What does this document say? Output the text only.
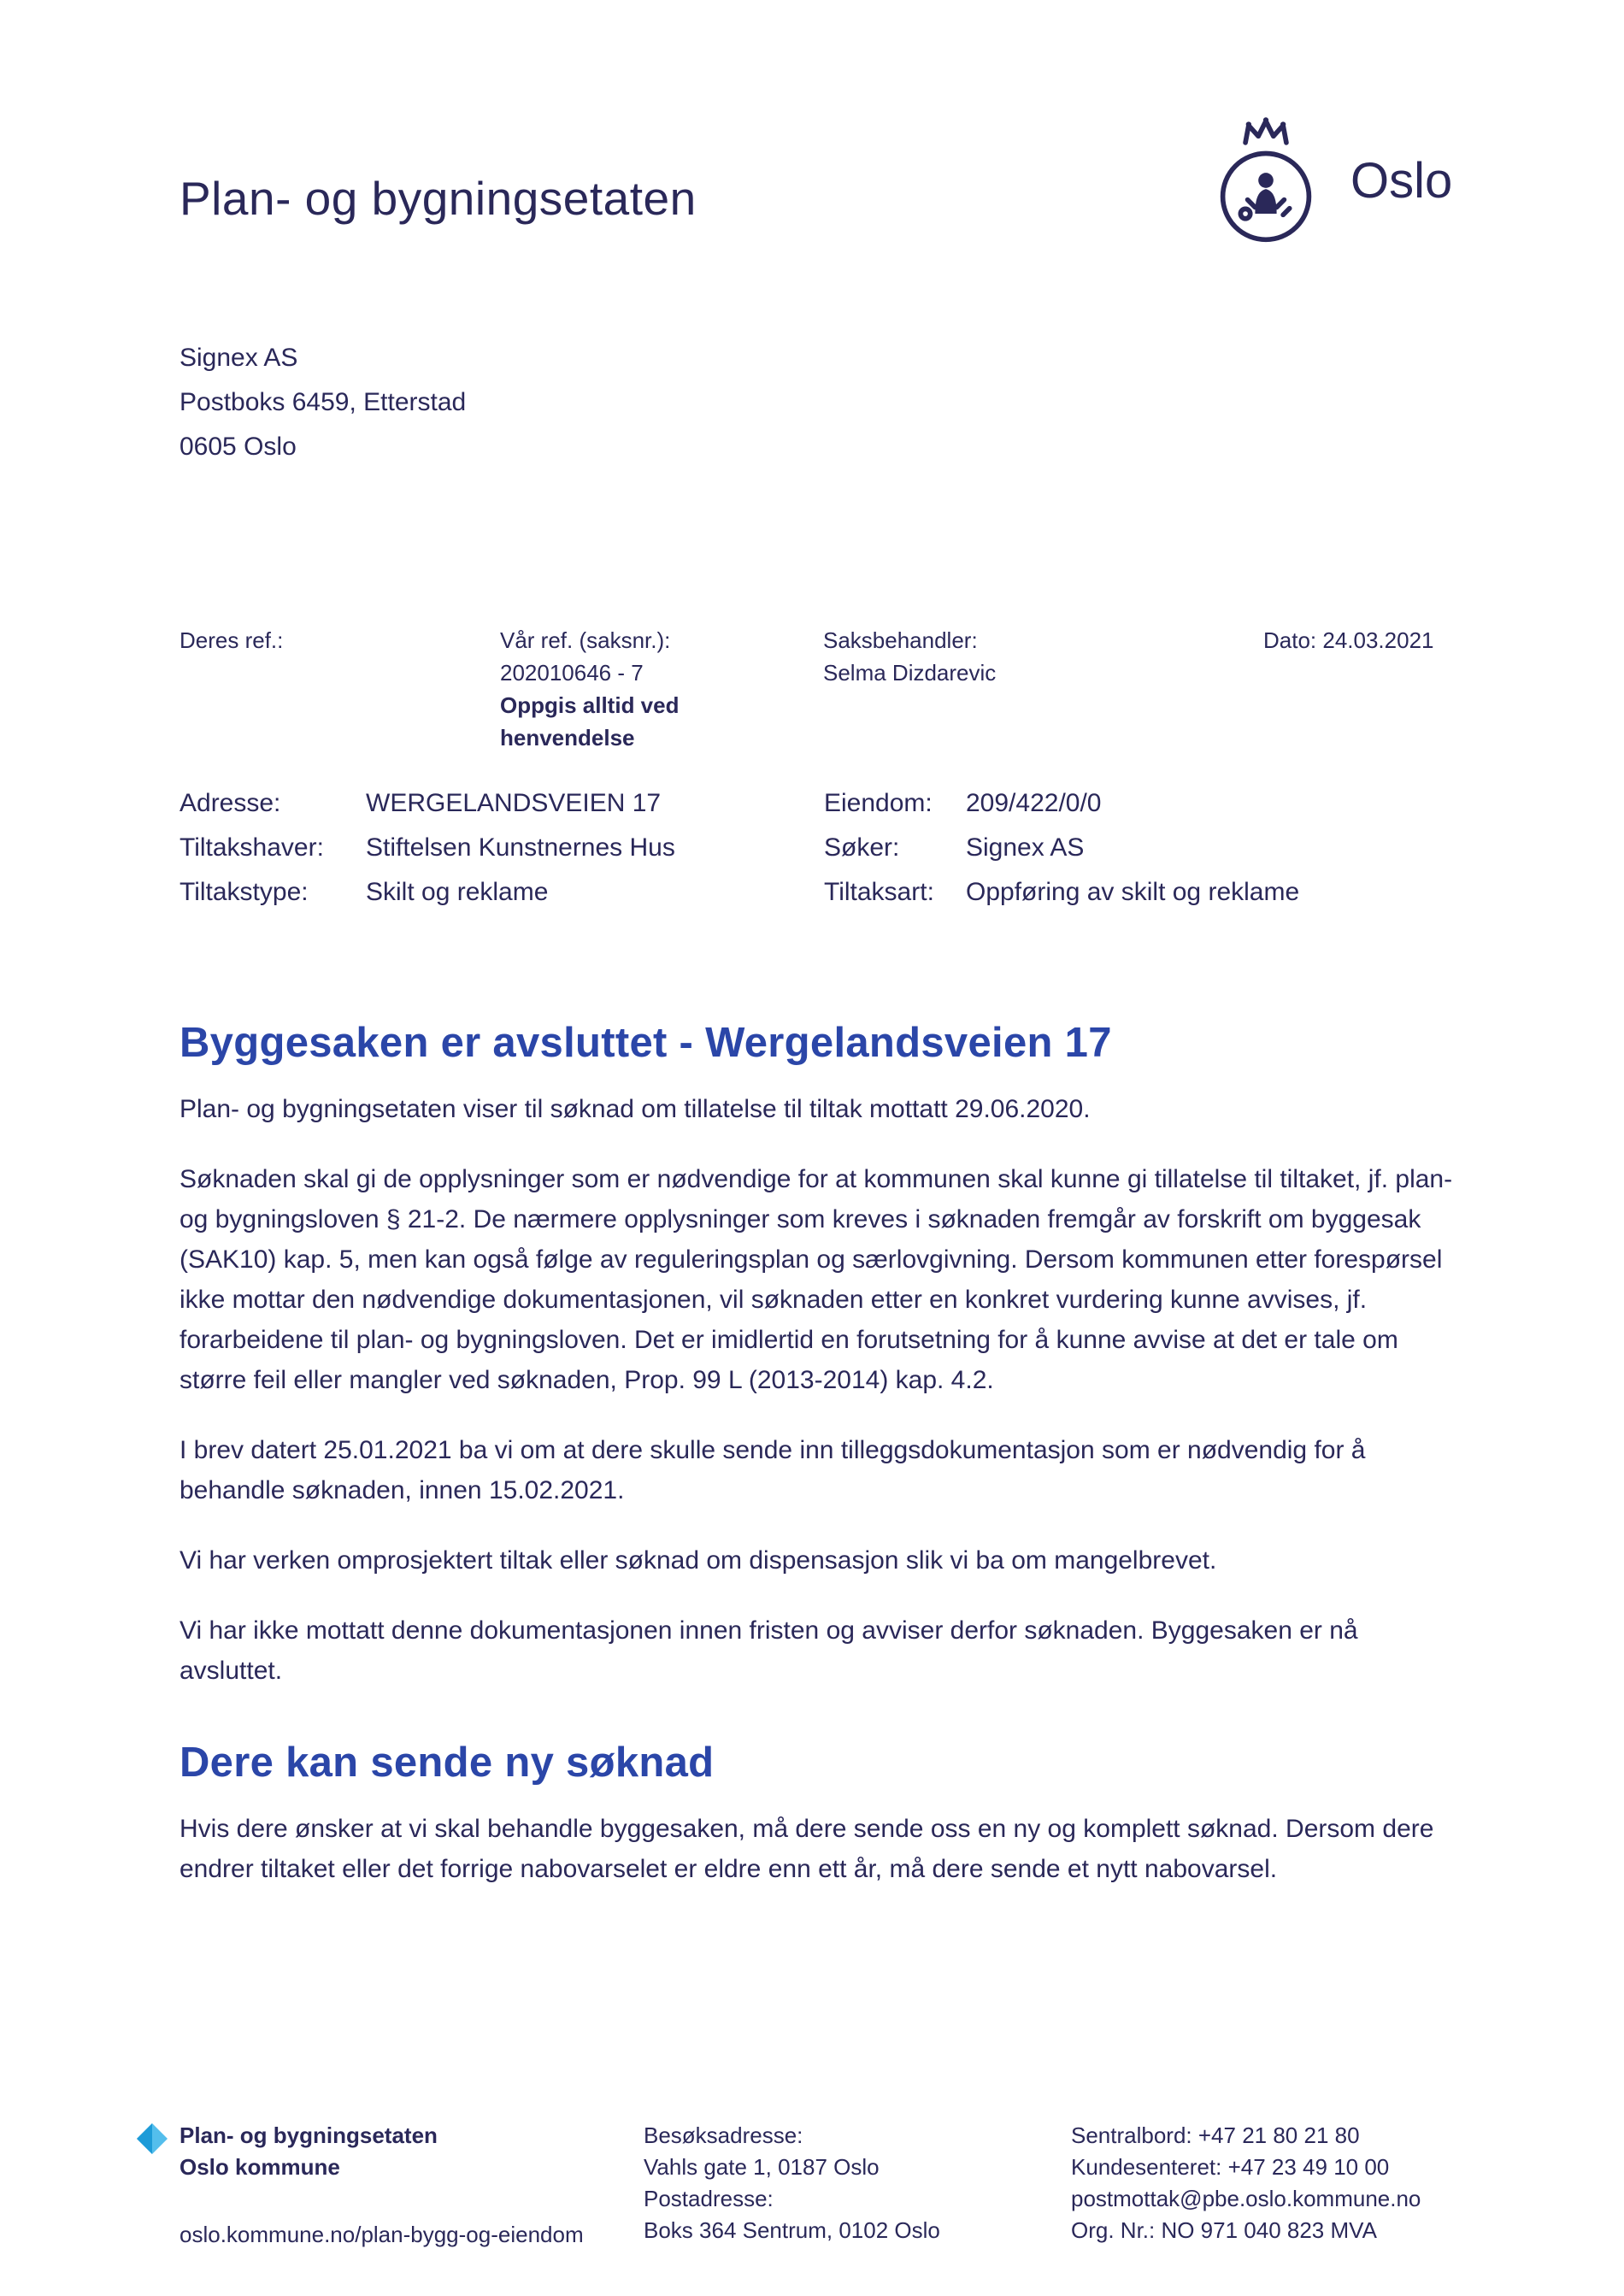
Plan- og bygningsetaten	Oslo
Signex AS
Postboks 6459, Etterstad
0605 Oslo
Deres ref.:	Vår ref. (saksnr.):
202010646 - 7
Oppgis alltid ved
henvendelse
Saksbehandler:
Selma Dizdarevic
Dato: 24.03.2021
Adresse:	WERGELANDSVEIEN 17	Eiendom:	209/422/0/0
Tiltakshaver:	Stiftelsen Kunstnernes Hus	Søker:	Signex AS
Tiltakstype:	Skilt og reklame	Tiltaksart:	Oppføring av skilt og reklame
Byggesaken er avsluttet - Wergelandsveien 17

Plan- og bygningsetaten viser til søknad om tillatelse til tiltak mottatt 29.06.2020.

Søknaden skal gi de opplysninger som er nødvendige for at kommunen skal kunne gi tillatelse til tiltaket, jf. plan- og bygningsloven § 21-2. De nærmere opplysninger som kreves i søknaden fremgår av forskrift om byggesak (SAK10) kap. 5, men kan også følge av reguleringsplan og særlovgivning. Dersom kommunen etter forespørsel ikke mottar den nødvendige dokumentasjonen, vil søknaden etter en konkret vurdering kunne avvises, jf. forarbeidene til plan- og bygningsloven. Det er imidlertid en forutsetning for å kunne avvise at det er tale om større feil eller mangler ved søknaden, Prop. 99 L (2013-2014) kap. 4.2.

I brev datert 25.01.2021 ba vi om at dere skulle sende inn tilleggsdokumentasjon som er nødvendig for å behandle søknaden, innen 15.02.2021.

Vi har verken omprosjektert tiltak eller søknad om dispensasjon slik vi ba om mangelbrevet.

Vi har ikke mottatt denne dokumentasjonen innen fristen og avviser derfor søknaden. Byggesaken er nå avsluttet.

Dere kan sende ny søknad

Hvis dere ønsker at vi skal behandle byggesaken, må dere sende oss en ny og komplett søknad. Dersom dere endrer tiltaket eller det forrige nabovarselet er eldre enn ett år, må dere sende et nytt nabovarsel.

Plan- og bygningsetaten
Oslo kommune
oslo.kommune.no/plan-bygg-og-eiendom
Besøksadresse:
Vahls gate 1, 0187 Oslo
Postadresse:
Boks 364 Sentrum, 0102 Oslo
Sentralbord: +47 21 80 21 80
Kundesenteret: +47 23 49 10 00
postmottak@pbe.oslo.kommune.no
Org. Nr.: NO 971 040 823 MVA
